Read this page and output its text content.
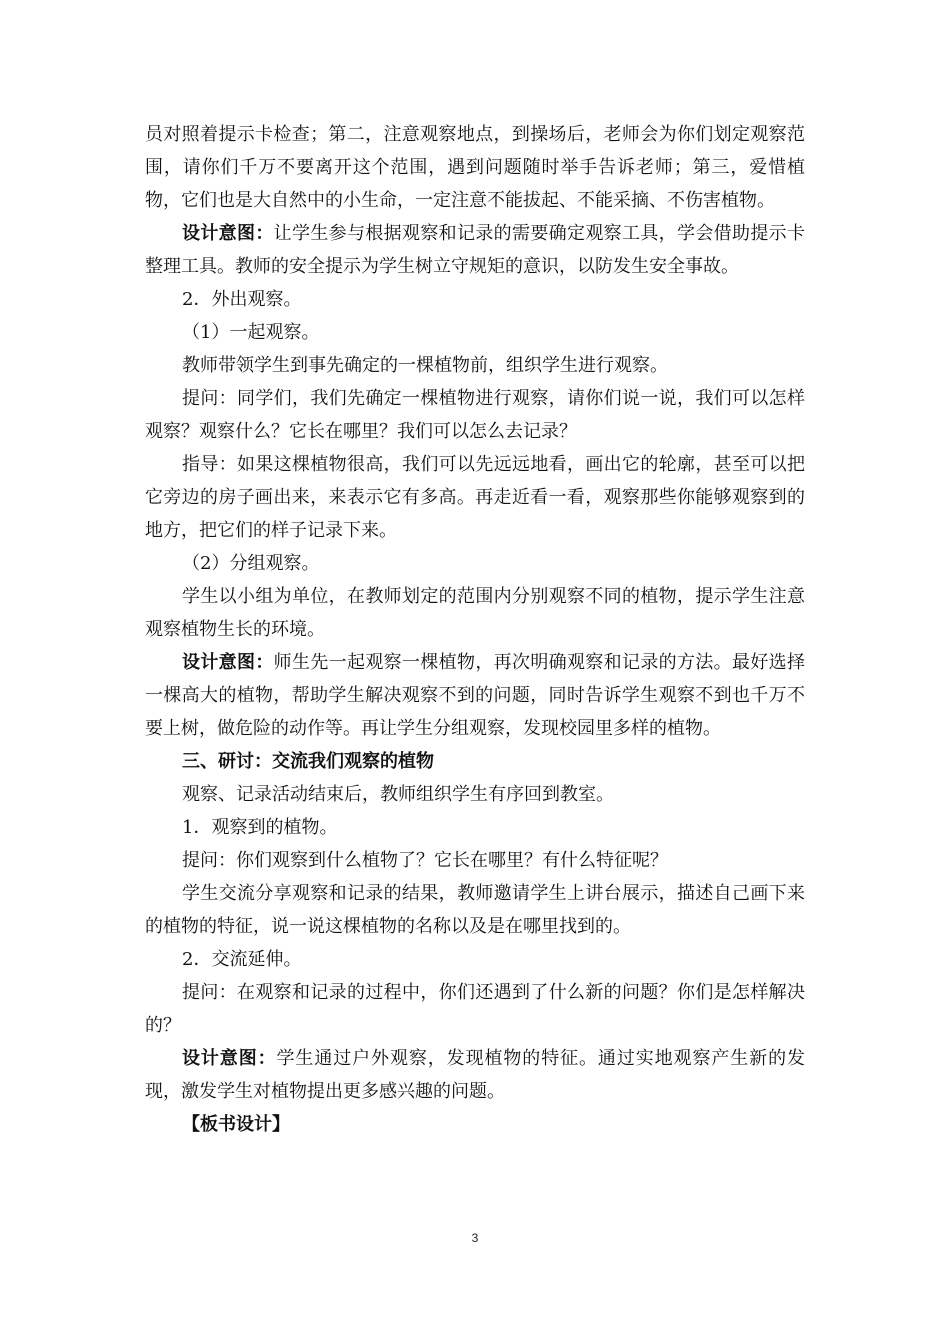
员对照着提示卡检查；第二，注意观察地点，到操场后，老师会为你们划定观察范围，请你们千万不要离开这个范围，遇到问题随时举手告诉老师；第三，爱惜植物，它们也是大自然中的小生命，一定注意不能拔起、不能采摘、不伤害植物。

设计意图：让学生参与根据观察和记录的需要确定观察工具，学会借助提示卡整理工具。教师的安全提示为学生树立守规矩的意识，以防发生安全事故。

2．外出观察。

（1）一起观察。

教师带领学生到事先确定的一棵植物前，组织学生进行观察。

提问：同学们，我们先确定一棵植物进行观察，请你们说一说，我们可以怎样观察？观察什么？它长在哪里？我们可以怎么去记录？

指导：如果这棵植物很高，我们可以先远远地看，画出它的轮廓，甚至可以把它旁边的房子画出来，来表示它有多高。再走近看一看，观察那些你能够观察到的地方，把它们的样子记录下来。

（2）分组观察。

学生以小组为单位，在教师划定的范围内分别观察不同的植物，提示学生注意观察植物生长的环境。

设计意图：师生先一起观察一棵植物，再次明确观察和记录的方法。最好选择一棵高大的植物，帮助学生解决观察不到的问题，同时告诉学生观察不到也千万不要上树，做危险的动作等。再让学生分组观察，发现校园里多样的植物。

三、研讨：交流我们观察的植物

观察、记录活动结束后，教师组织学生有序回到教室。

1．观察到的植物。

提问：你们观察到什么植物了？它长在哪里？有什么特征呢？

学生交流分享观察和记录的结果，教师邀请学生上讲台展示，描述自己画下来的植物的特征，说一说这棵植物的名称以及是在哪里找到的。

2．交流延伸。

提问：在观察和记录的过程中，你们还遇到了什么新的问题？你们是怎样解决的？

设计意图：学生通过户外观察，发现植物的特征。通过实地观察产生新的发现，激发学生对植物提出更多感兴趣的问题。

【板书设计】

3
